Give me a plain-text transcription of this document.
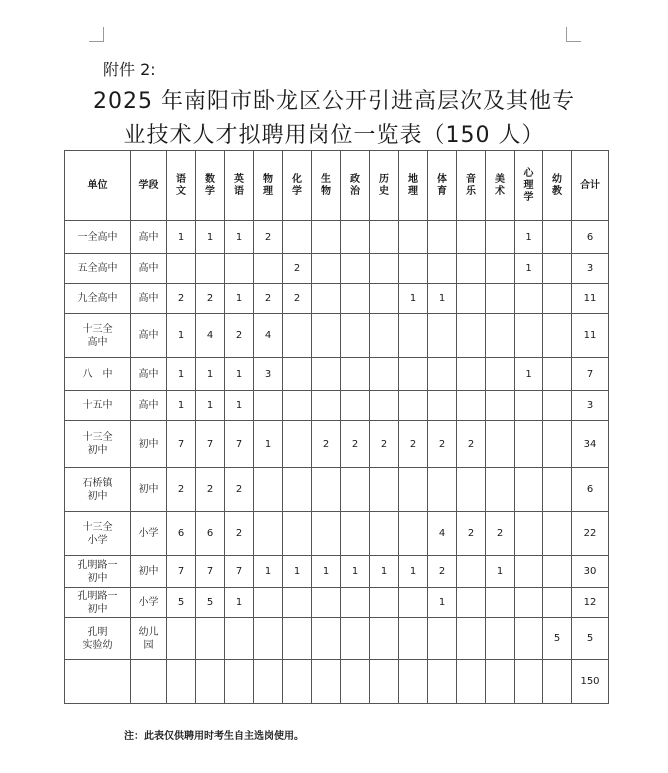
附件 2:
2025 年南阳市卧龙区公开引进高层次及其他专
业技术人才拟聘用岗位一览表（150 人）
单位	学段	语文	数学	英语	物理	化学	生物	政治	历史	地理	体育	音乐	美术	心理学	幼教	合计
一全高中	高中	1	1	1	2									1		6
五全高中	高中					2								1		3
九全高中	高中	2	2	1	2	2				1	1					11
十三全
高中	高中	1	4	2	4											11
八　中	高中	1	1	1	3									1		7
十五中	高中	1	1	1												3
十三全
初中	初中	7	7	7	1		2	2	2	2	2	2				34
石桥镇
初中	初中	2	2	2												6
十三全
小学	小学	6	6	2							4	2	2			22
孔明路一
初中	初中	7	7	7	1	1	1	1	1	1	2		1			30
孔明路一
初中	小学	5	5	1							1					12
孔明
实验幼	幼儿
园														5	5
																150
注：此表仅供聘用时考生自主选岗使用。
